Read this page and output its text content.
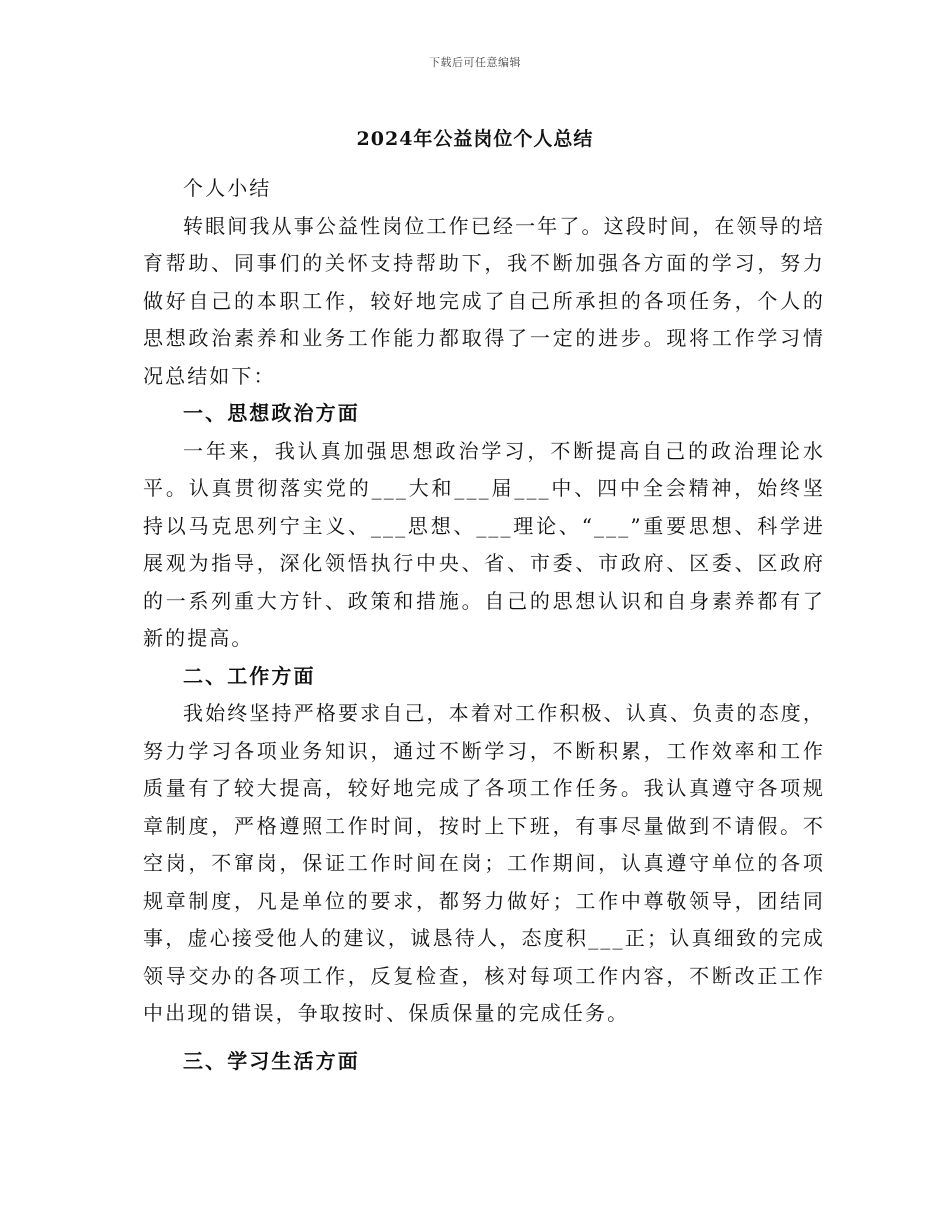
下载后可任意编辑
2024年公益岗位个人总结

个人小结

转眼间我从事公益性岗位工作已经一年了。这段时间，在领导的培育帮助、同事们的关怀支持帮助下，我不断加强各方面的学习，努力做好自己的本职工作，较好地完成了自己所承担的各项任务，个人的思想政治素养和业务工作能力都取得了一定的进步。现将工作学习情况总结如下：

一、思想政治方面

一年来，我认真加强思想政治学习，不断提高自己的政治理论水平。认真贯彻落实党的___大和___届___中、四中全会精神，始终坚持以马克思列宁主义、___思想、___理论、“___”重要思想、科学进展观为指导，深化领悟执行中央、省、市委、市政府、区委、区政府的一系列重大方针、政策和措施。自己的思想认识和自身素养都有了新的提高。

二、工作方面

我始终坚持严格要求自己，本着对工作积极、认真、负责的态度，努力学习各项业务知识，通过不断学习，不断积累，工作效率和工作质量有了较大提高，较好地完成了各项工作任务。我认真遵守各项规章制度，严格遵照工作时间，按时上下班，有事尽量做到不请假。不空岗，不窜岗，保证工作时间在岗；工作期间，认真遵守单位的各项规章制度，凡是单位的要求，都努力做好；工作中尊敬领导，团结同事，虚心接受他人的建议，诚恳待人，态度积___正；认真细致的完成领导交办的各项工作，反复检查，核对每项工作内容，不断改正工作中出现的错误，争取按时、保质保量的完成任务。

三、学习生活方面
